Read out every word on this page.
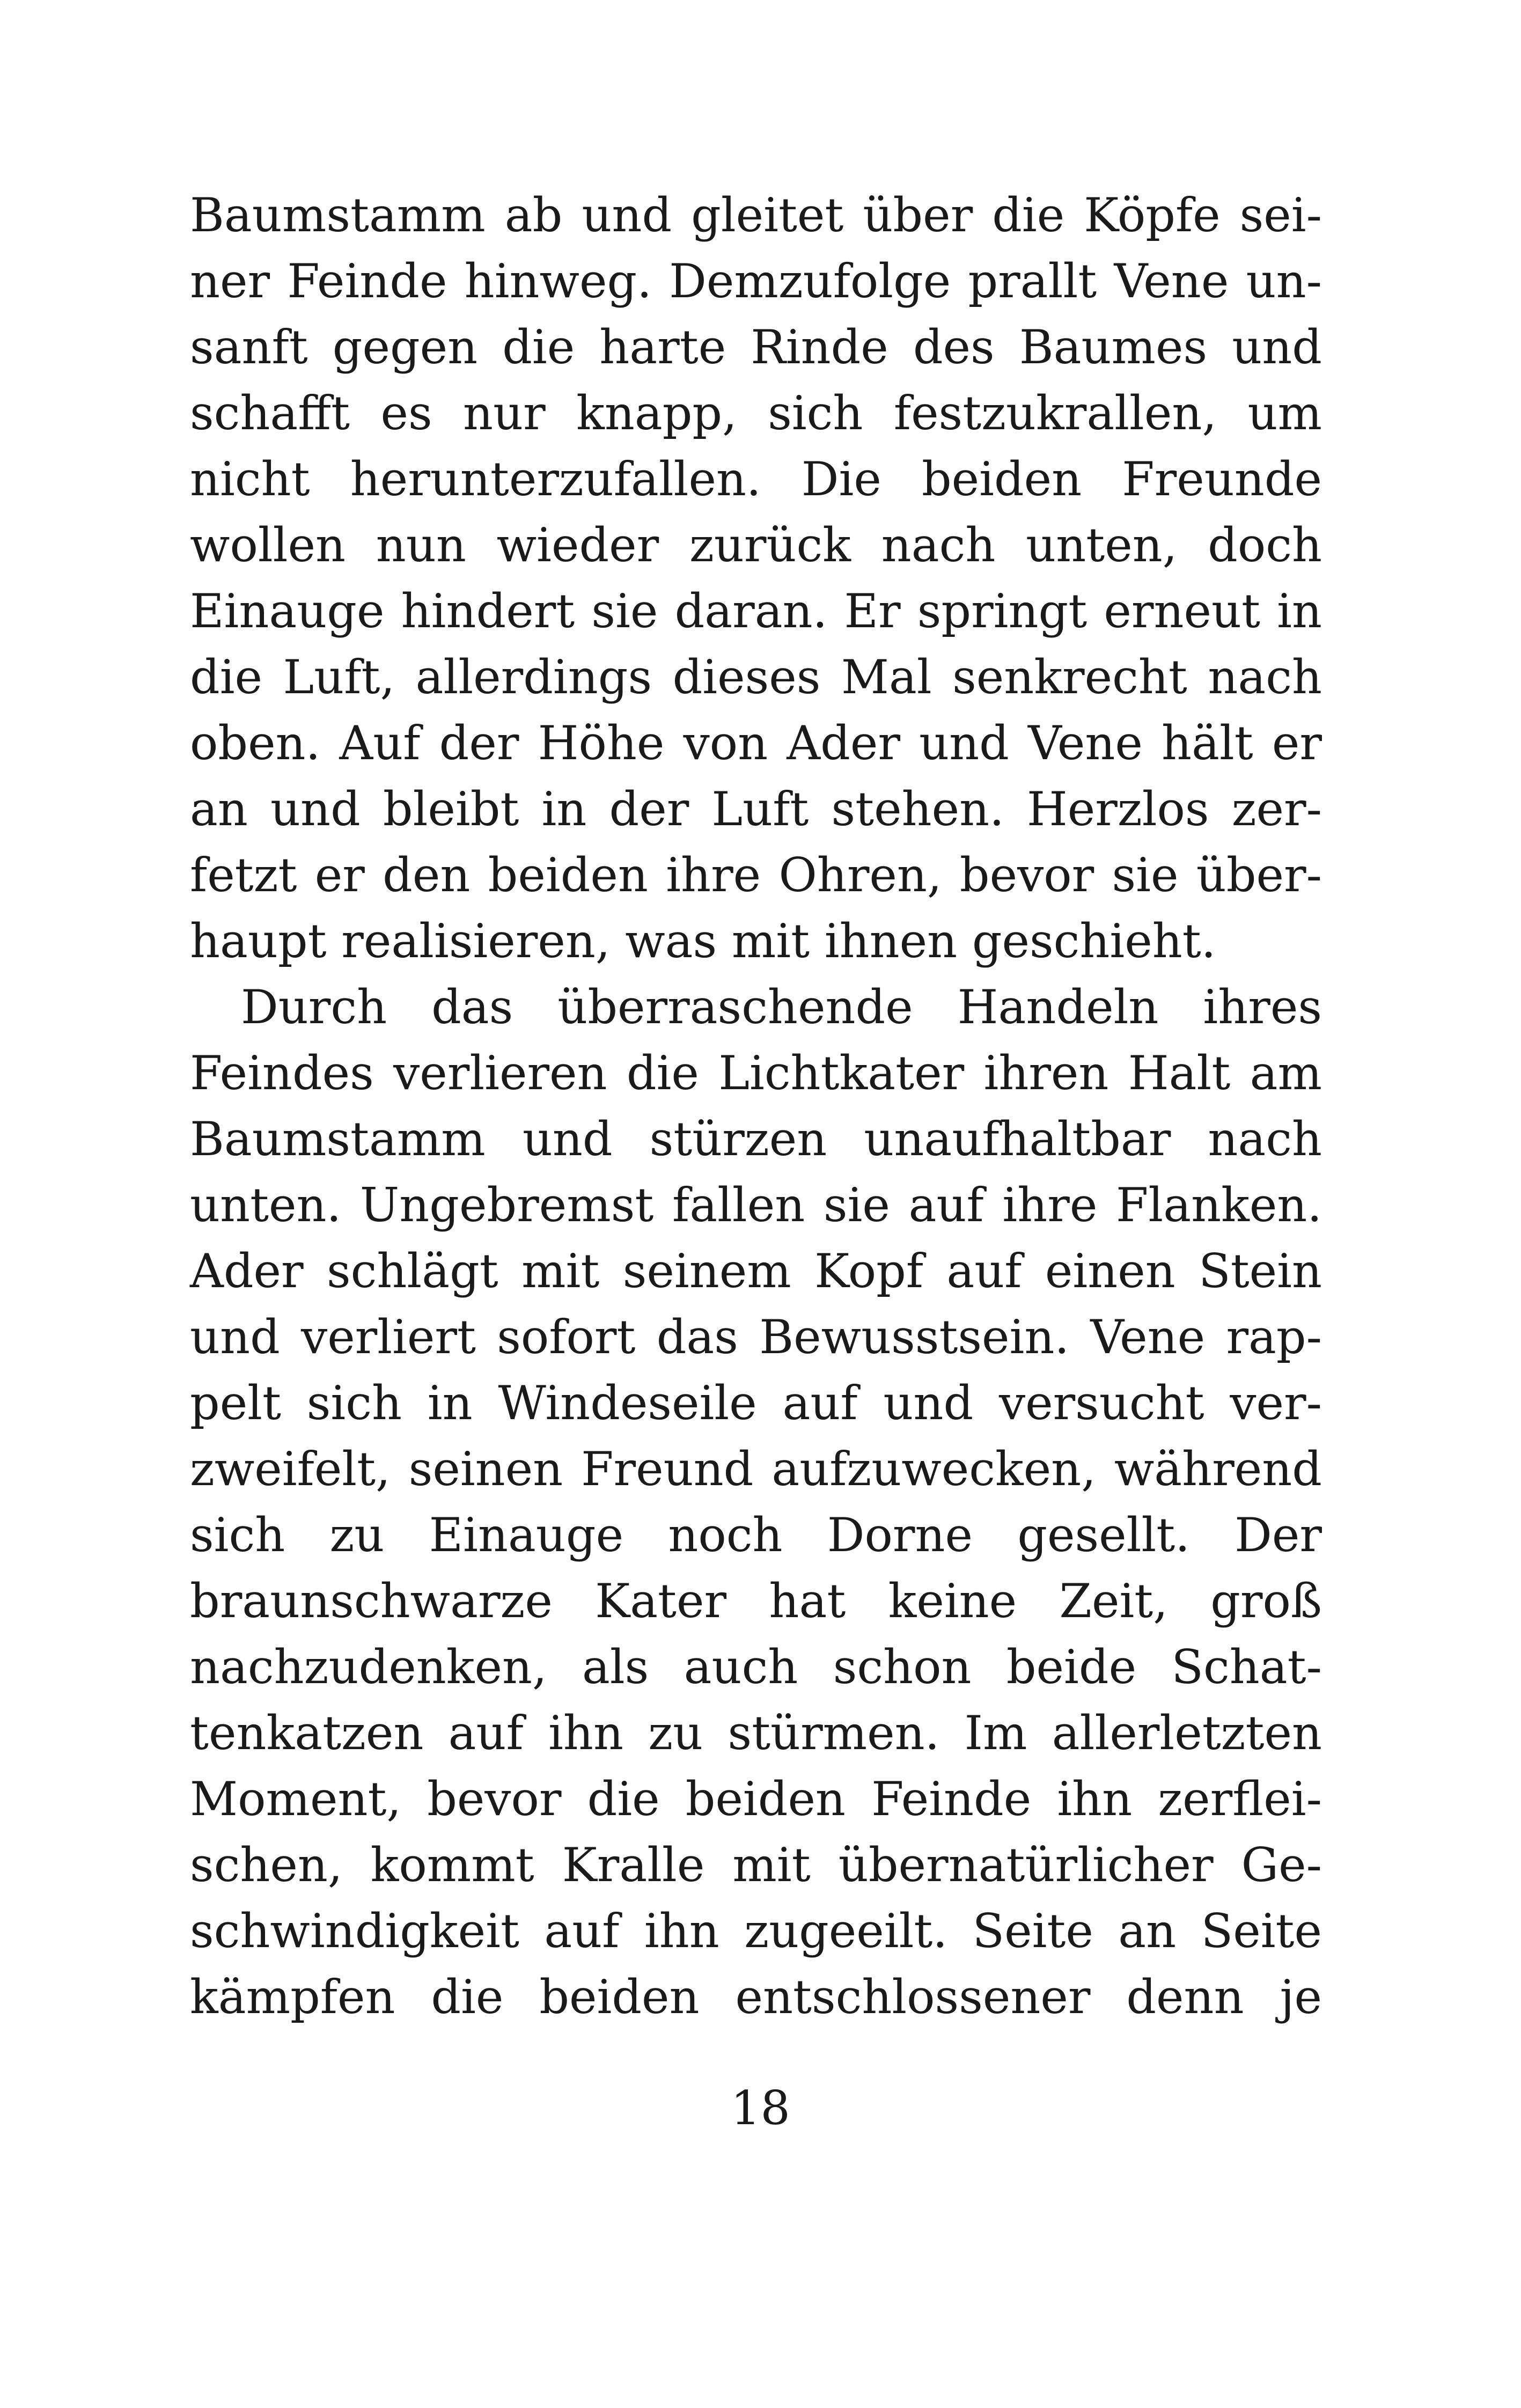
Baumstamm ab und gleitet über die Köpfe sei-
ner Feinde hinweg. Demzufolge prallt Vene un-
sanft gegen die harte Rinde des Baumes und
schafft es nur knapp, sich festzukrallen, um
nicht herunterzufallen. Die beiden Freunde
wollen nun wieder zurück nach unten, doch
Einauge hindert sie daran. Er springt erneut in
die Luft, allerdings dieses Mal senkrecht nach
oben. Auf der Höhe von Ader und Vene hält er
an und bleibt in der Luft stehen. Herzlos zer-
fetzt er den beiden ihre Ohren, bevor sie über-
haupt realisieren, was mit ihnen geschieht.
Durch das überraschende Handeln ihres
Feindes verlieren die Lichtkater ihren Halt am
Baumstamm und stürzen unaufhaltbar nach
unten. Ungebremst fallen sie auf ihre Flanken.
Ader schlägt mit seinem Kopf auf einen Stein
und verliert sofort das Bewusstsein. Vene rap-
pelt sich in Windeseile auf und versucht ver-
zweifelt, seinen Freund aufzuwecken, während
sich zu Einauge noch Dorne gesellt. Der
braunschwarze Kater hat keine Zeit, groß
nachzudenken, als auch schon beide Schat-
tenkatzen auf ihn zu stürmen. Im allerletzten
Moment, bevor die beiden Feinde ihn zerflei-
schen, kommt Kralle mit übernatürlicher Ge-
schwindigkeit auf ihn zugeeilt. Seite an Seite
kämpfen die beiden entschlossener denn je
18
